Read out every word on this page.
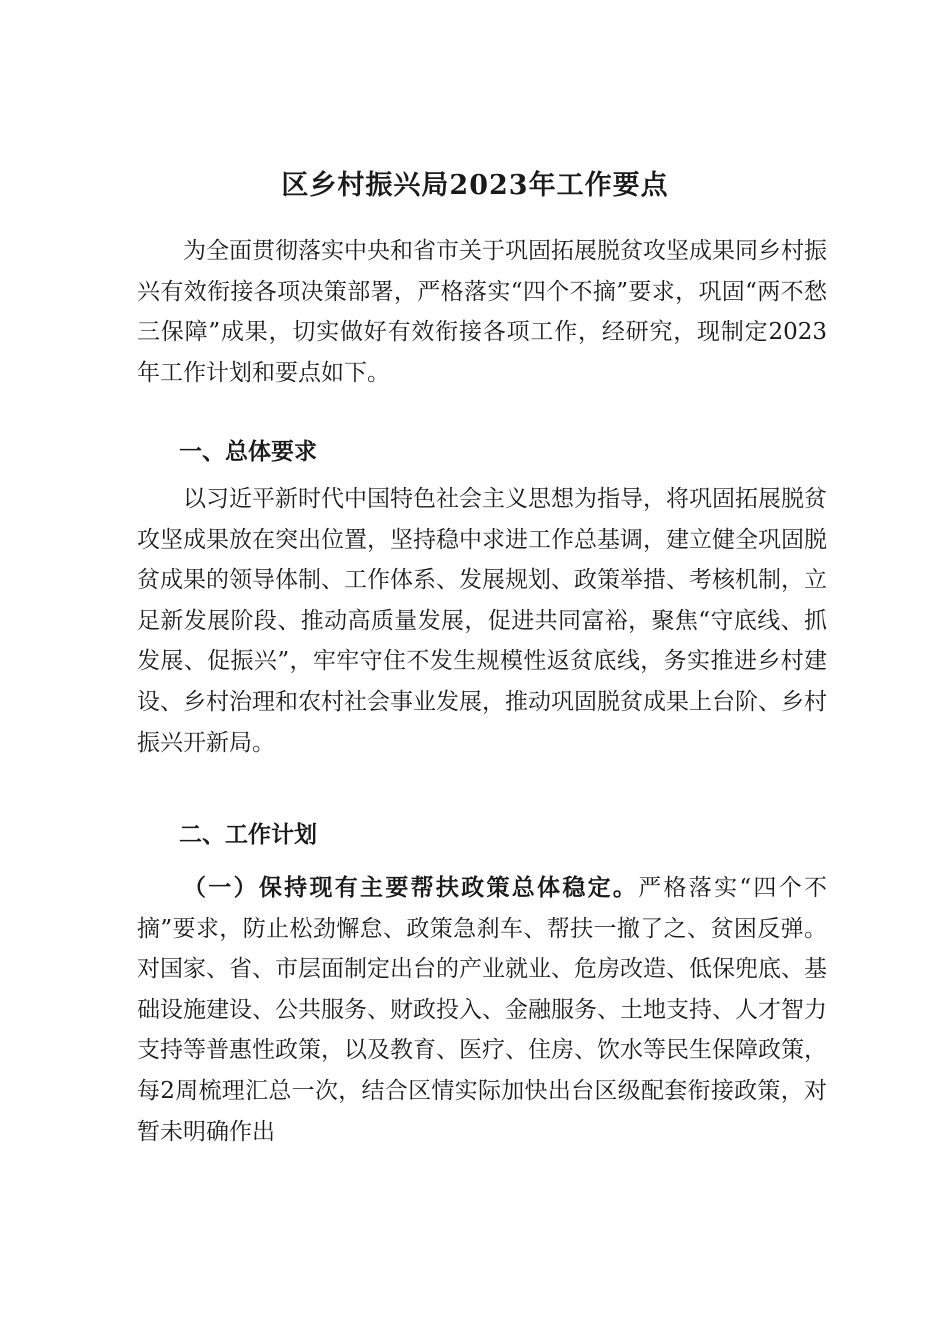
区乡村振兴局2023年工作要点

为全面贯彻落实中央和省市关于巩固拓展脱贫攻坚成果同乡村振兴有效衔接各项决策部署，严格落实“四个不摘”要求，巩固“两不愁三保障”成果，切实做好有效衔接各项工作，经研究，现制定2023年工作计划和要点如下。

一、总体要求

以习近平新时代中国特色社会主义思想为指导，将巩固拓展脱贫攻坚成果放在突出位置，坚持稳中求进工作总基调，建立健全巩固脱贫成果的领导体制、工作体系、发展规划、政策举措、考核机制，立足新发展阶段、推动高质量发展，促进共同富裕，聚焦“守底线、抓发展、促振兴”，牢牢守住不发生规模性返贫底线，务实推进乡村建设、乡村治理和农村社会事业发展，推动巩固脱贫成果上台阶、乡村振兴开新局。

二、工作计划

（一）保持现有主要帮扶政策总体稳定。严格落实“四个不摘”要求，防止松劲懈怠、政策急刹车、帮扶一撤了之、贫困反弹。对国家、省、市层面制定出台的产业就业、危房改造、低保兜底、基础设施建设、公共服务、财政投入、金融服务、土地支持、人才智力支持等普惠性政策，以及教育、医疗、住房、饮水等民生保障政策，每2周梳理汇总一次，结合区情实际加快出台区级配套衔接政策，对暂未明确作出
